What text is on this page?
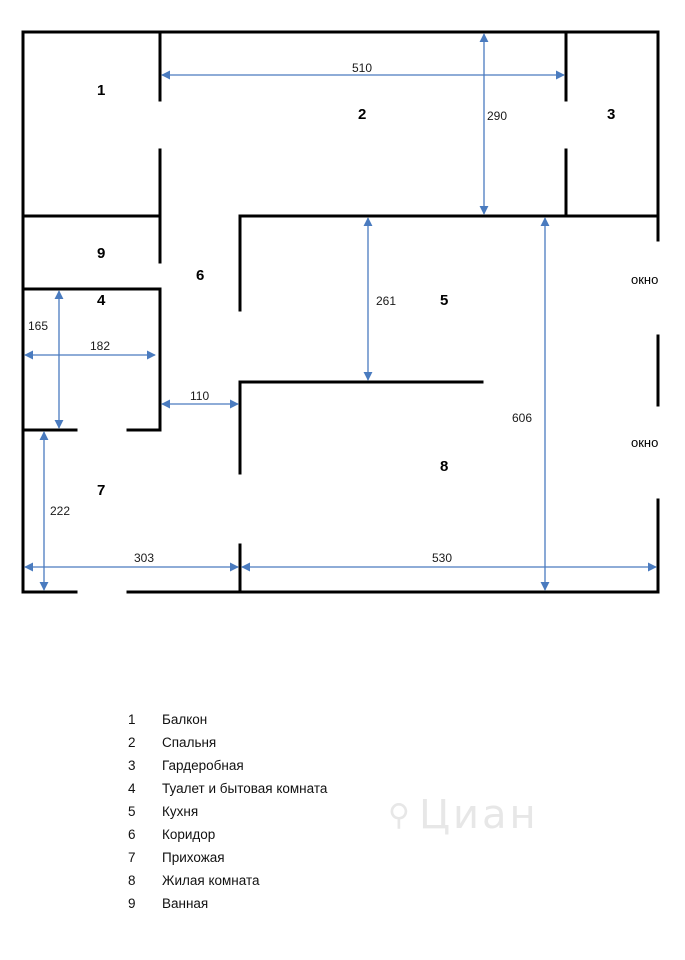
510
290
261
165
182
110
606
222
303	530
1
2	3
4	5
6
7
8
9
окно
окно
1	Балкон
2	Спальня
3	Гардеробная
4	Туалет и бытовая комната
5	Кухня
6	Коридор
7	Прихожая
8	Жилая комната
9	Ванная
⚲ Циан
